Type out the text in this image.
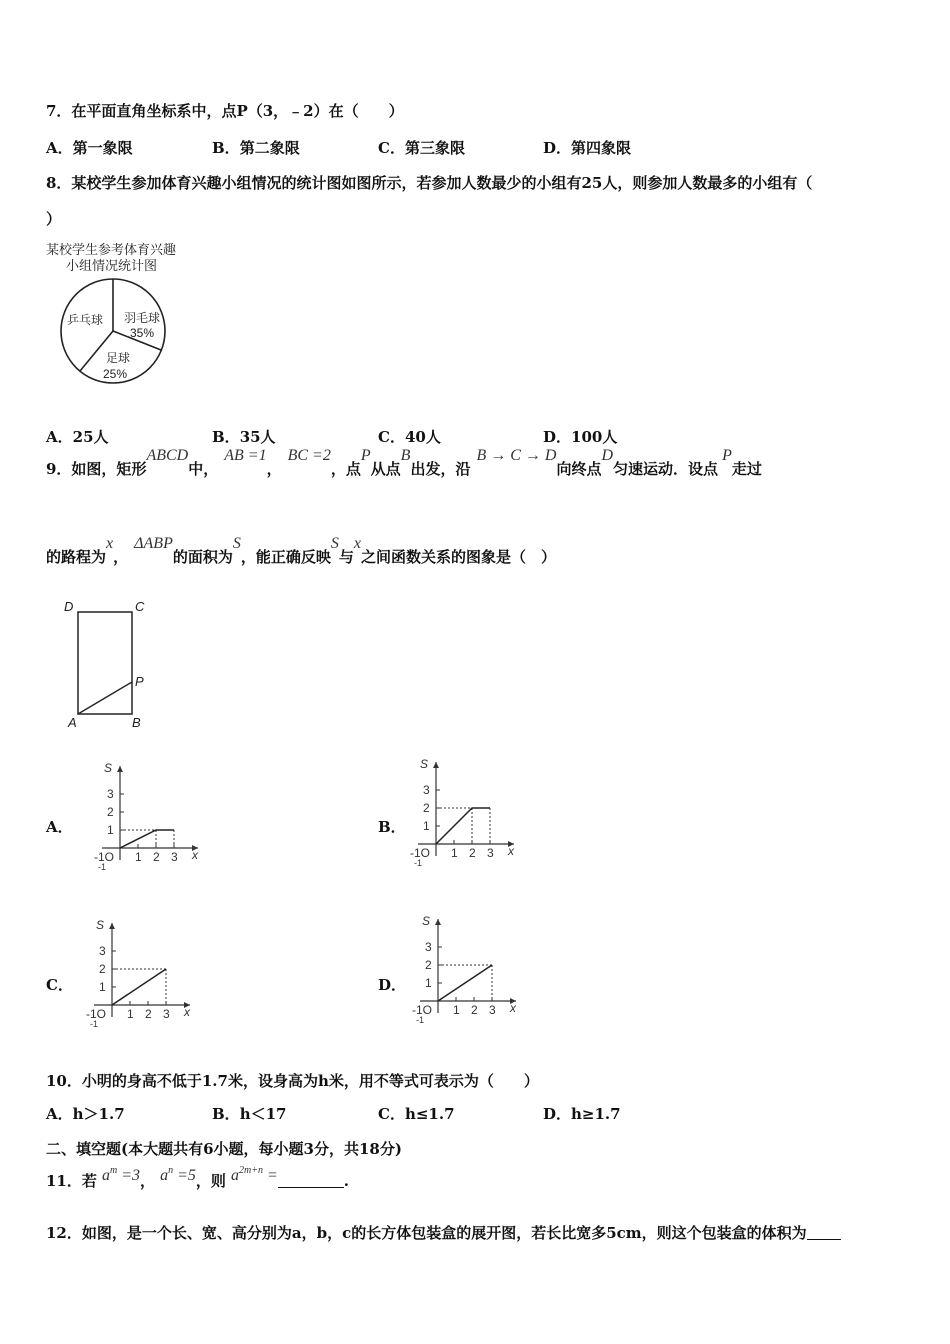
7．在平面直角坐标系中，点P（3，﹣2）在（　　）
A．第一象限	B．第二象限	C．第三象限	D．第四象限
8．某校学生参加体育兴趣小组情况的统计图如图所示，若参加人数最少的小组有25人，则参加人数最多的小组有（
）
某校学生参考体育兴趣
小组情况统计图
乒乓球 羽毛球
35%
足球
25%
A．25人	B．35人	C．40人	D．100人
9．如图，矩形ABCD中，AB =1，BC =2，点P从点B出发，沿B → C → D向终点D匀速运动．设点P走过
的路程为x，ΔABP的面积为S，能正确反映S与x之间函数关系的图象是（　）
D	C
P
A	B
A．	1
2
3
1 2 3
-1O
-1
S
x
B． 1
2
3
1 2 3
-1O
-1
S
x
C． 1
2
3
1 2 3
-1O
-1
S
x
D． 1
2
3
1 2 3
-1O
-1
S
x
10．小明的身高不低于1.7米，设身高为h米，用不等式可表示为（　　）
A．h＞1.7	B．h＜17	C．h≤1.7	D．h≥1.7
二、填空题(本大题共有6小题，每小题3分，共18分)
11．若 $a^m =3$， $a^n =5$，则 $a^{2m+n}$ =	.
12．如图，是一个长、宽、高分别为a，b，c的长方体包装盒的展开图，若长比宽多5cm，则这个包装盒的体积为
